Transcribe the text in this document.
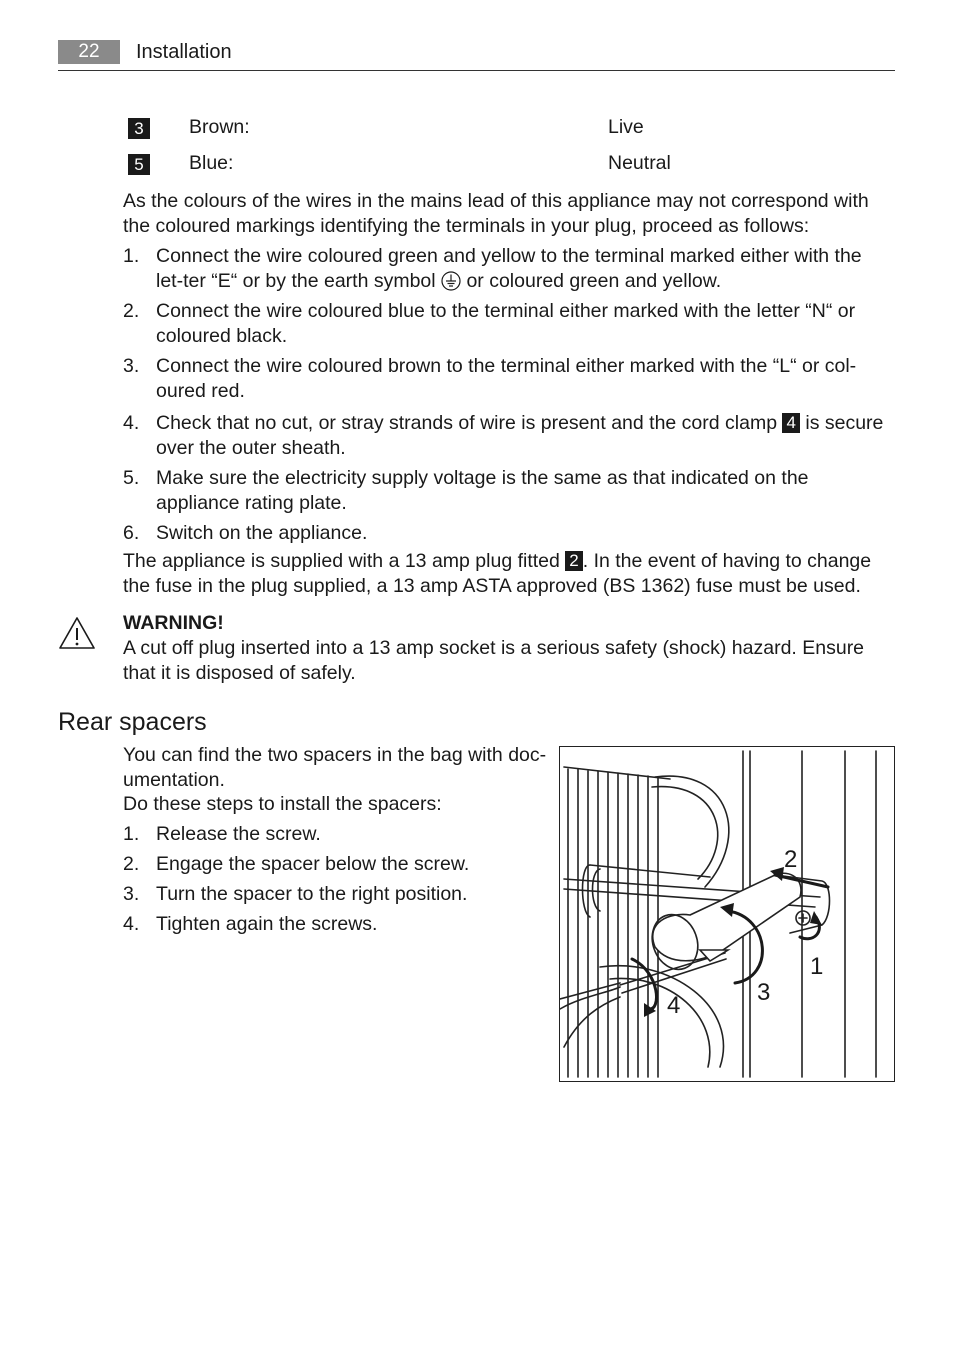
22	Installation
3	Brown:	Live
5	Blue:	Neutral
As the colours of the wires in the mains lead of this appliance may not correspond with the coloured markings identifying the terminals in your plug, proceed as follows:
1. Connect the wire coloured green and yellow to the terminal marked either with the let-ter “E“ or by the earth symbol or coloured green and yellow.
2. Connect the wire coloured blue to the terminal either marked with the letter “N“ or coloured black.
3. Connect the wire coloured brown to the terminal either marked with the “L“ or col-oured red.
4. Check that no cut, or stray strands of wire is present and the cord clamp 4 is secure over the outer sheath.
5. Make sure the electricity supply voltage is the same as that indicated on the appliance rating plate.
6. Switch on the appliance.
The appliance is supplied with a 13 amp plug fitted 2 . In the event of having to change the fuse in the plug supplied, a 13 amp ASTA approved (BS 1362) fuse must be used.
WARNING!
A cut off plug inserted into a 13 amp socket is a serious safety (shock) hazard. Ensure that it is disposed of safely.
Rear spacers
You can find the two spacers in the bag with doc-umentation.
Do these steps to install the spacers:
1. Release the screw.
2. Engage the spacer below the screw.
3. Turn the spacer to the right position.
4. Tighten again the screws.
2
1
3
4
